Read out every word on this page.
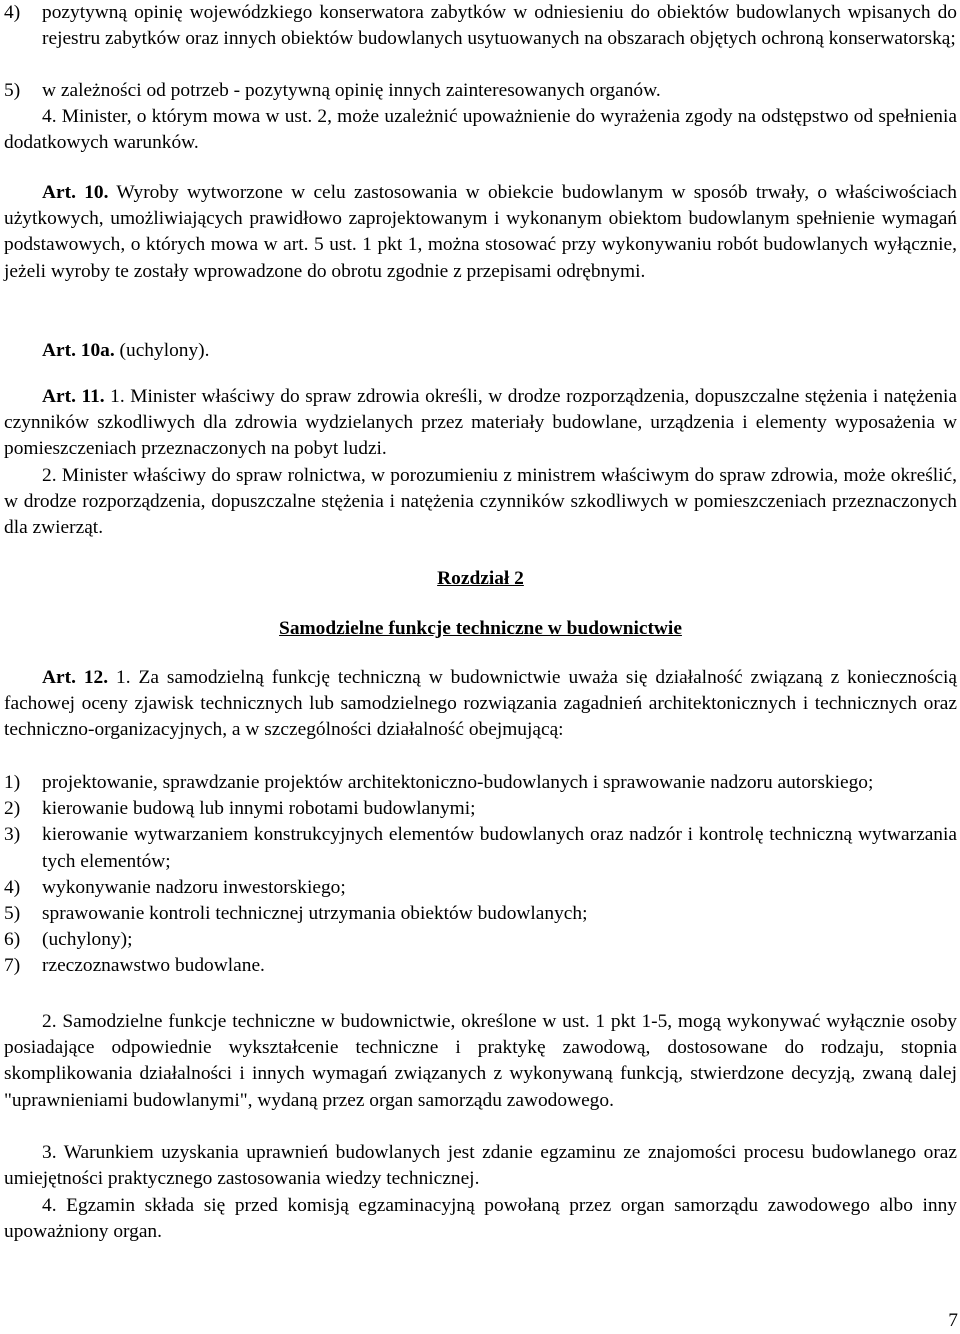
4)	pozytywną opinię wojewódzkiego konserwatora zabytków w odniesieniu do obiektów budowlanych wpisanych do rejestru zabytków oraz innych obiektów budowlanych usytuowanych na obszarach objętych ochroną konserwatorską;
5)	w zależności od potrzeb - pozytywną opinię innych zainteresowanych organów.

4. Minister, o którym mowa w ust. 2, może uzależnić upoważnienie do wyrażenia zgody na odstępstwo od spełnienia dodatkowych warunków.

Art. 10. Wyroby wytworzone w celu zastosowania w obiekcie budowlanym w sposób trwały, o właściwościach użytkowych, umożliwiających prawidłowo zaprojektowanym i wykonanym obiektom budowlanym spełnienie wymagań podstawowych, o których mowa w art. 5 ust. 1 pkt 1, można stosować przy wykonywaniu robót budowlanych wyłącznie, jeżeli wyroby te zostały wprowadzone do obrotu zgodnie z przepisami odrębnymi.

Art. 10a. (uchylony).

Art. 11. 1. Minister właściwy do spraw zdrowia określi, w drodze rozporządzenia, dopuszczalne stężenia i natężenia czynników szkodliwych dla zdrowia wydzielanych przez materiały budowlane, urządzenia i elementy wyposażenia w pomieszczeniach przeznaczonych na pobyt ludzi.

2. Minister właściwy do spraw rolnictwa, w porozumieniu z ministrem właściwym do spraw zdrowia, może określić, w drodze rozporządzenia, dopuszczalne stężenia i natężenia czynników szkodliwych w pomieszczeniach przeznaczonych dla zwierząt.

Rozdział 2

Samodzielne funkcje techniczne w budownictwie

Art. 12. 1. Za samodzielną funkcję techniczną w budownictwie uważa się działalność związaną z koniecznością fachowej oceny zjawisk technicznych lub samodzielnego rozwiązania zagadnień architektonicznych i technicznych oraz techniczno-organizacyjnych, a w szczególności działalność obejmującą:

1)	projektowanie, sprawdzanie projektów architektoniczno-budowlanych i sprawowanie nadzoru autorskiego;
2)	kierowanie budową lub innymi robotami budowlanymi;
3)	kierowanie wytwarzaniem konstrukcyjnych elementów budowlanych oraz nadzór i kontrolę techniczną wytwarzania tych elementów;
4)	wykonywanie nadzoru inwestorskiego;
5)	sprawowanie kontroli technicznej utrzymania obiektów budowlanych;
6)	(uchylony);
7)	rzeczoznawstwo budowlane.

2. Samodzielne funkcje techniczne w budownictwie, określone w ust. 1 pkt 1-5, mogą wykonywać wyłącznie osoby posiadające odpowiednie wykształcenie techniczne i praktykę zawodową, dostosowane do rodzaju, stopnia skomplikowania działalności i innych wymagań związanych z wykonywaną funkcją, stwierdzone decyzją, zwaną dalej "uprawnieniami budowlanymi", wydaną przez organ samorządu zawodowego.

3. Warunkiem uzyskania uprawnień budowlanych jest zdanie egzaminu ze znajomości procesu budowlanego oraz umiejętności praktycznego zastosowania wiedzy technicznej.

4. Egzamin składa się przed komisją egzaminacyjną powołaną przez organ samorządu zawodowego albo inny upoważniony organ.

7
